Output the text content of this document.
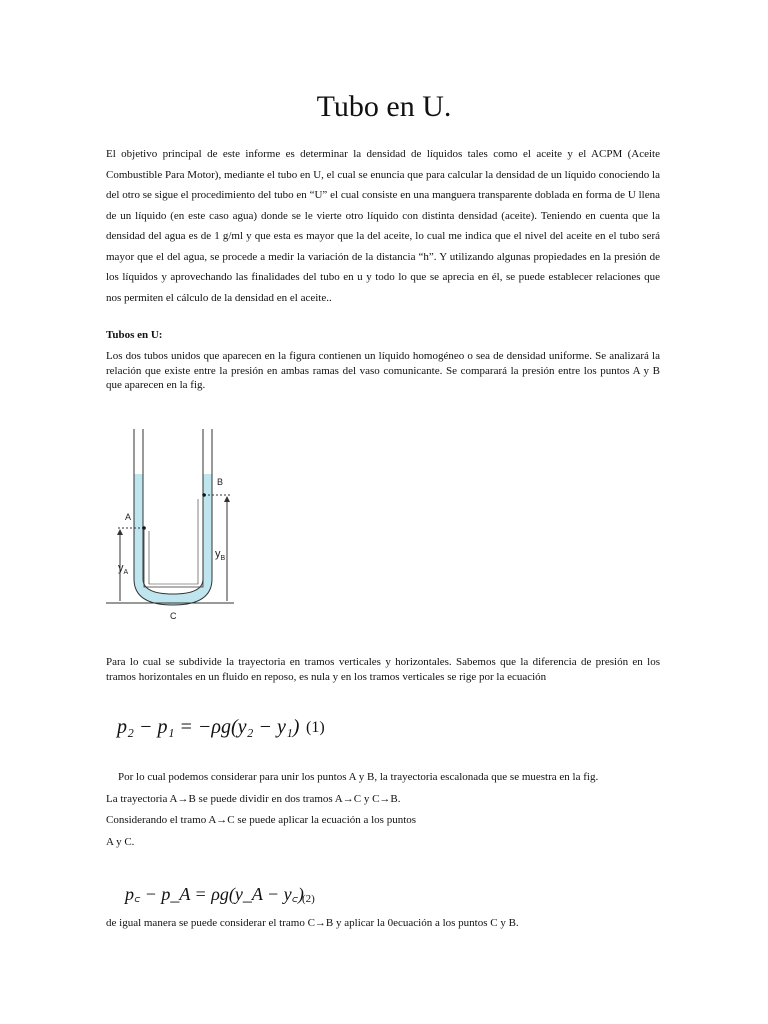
Tubo en U.

El objetivo principal de este informe es determinar la densidad de líquidos tales como el aceite y el ACPM (Aceite Combustible Para Motor), mediante el tubo en U, el cual se enuncia que para calcular la densidad de un líquido conociendo la del otro se sigue el procedimiento del tubo en “U” el cual consiste en una manguera transparente doblada en forma de U llena de un líquido (en este caso agua) donde se le vierte otro líquido con distinta densidad (aceite). Teniendo en cuenta que la densidad del agua es de 1 g/ml y que esta es mayor que la del aceite, lo cual me indica que el nivel del aceite en el tubo será mayor que el del agua, se procede a medir la variación de la distancia “h”. Y utilizando algunas propiedades en la presión de los líquidos y aprovechando las finalidades del tubo en u y todo lo que se aprecia en él, se puede establecer relaciones que nos permiten el cálculo de la densidad en el aceite..

Tubos en U:

Los dos tubos unidos que aparecen en la figura contienen un líquido homogéneo o sea de densidad uniforme. Se analizará la relación que existe entre la presión en ambas ramas del vaso comunicante. Se comparará la presión entre los puntos A y B que aparecen en la fig.

A
B
C
$y_A$
$y_B$

Para lo cual se subdivide la trayectoria en tramos verticales y horizontales. Sabemos que la diferencia de presión en los tramos horizontales en un fluido en reposo, es nula y en los tramos verticales se rige por la ecuación

p₂ − p₁ = −ρg(y₂ − y₁) (1)

Por lo cual podemos considerar para unir los puntos A y B, la trayectoria escalonada que se muestra en la fig.

La trayectoria A→B se puede dividir en dos tramos A→C y C→B.

Considerando el tramo A→C se puede aplicar la ecuación a los puntos

A y C.

p꜀ − p_A = ρg(y_A − y꜀)
(2)

de igual manera se puede considerar el tramo C→B y aplicar la 0ecuación a los puntos C y B.
